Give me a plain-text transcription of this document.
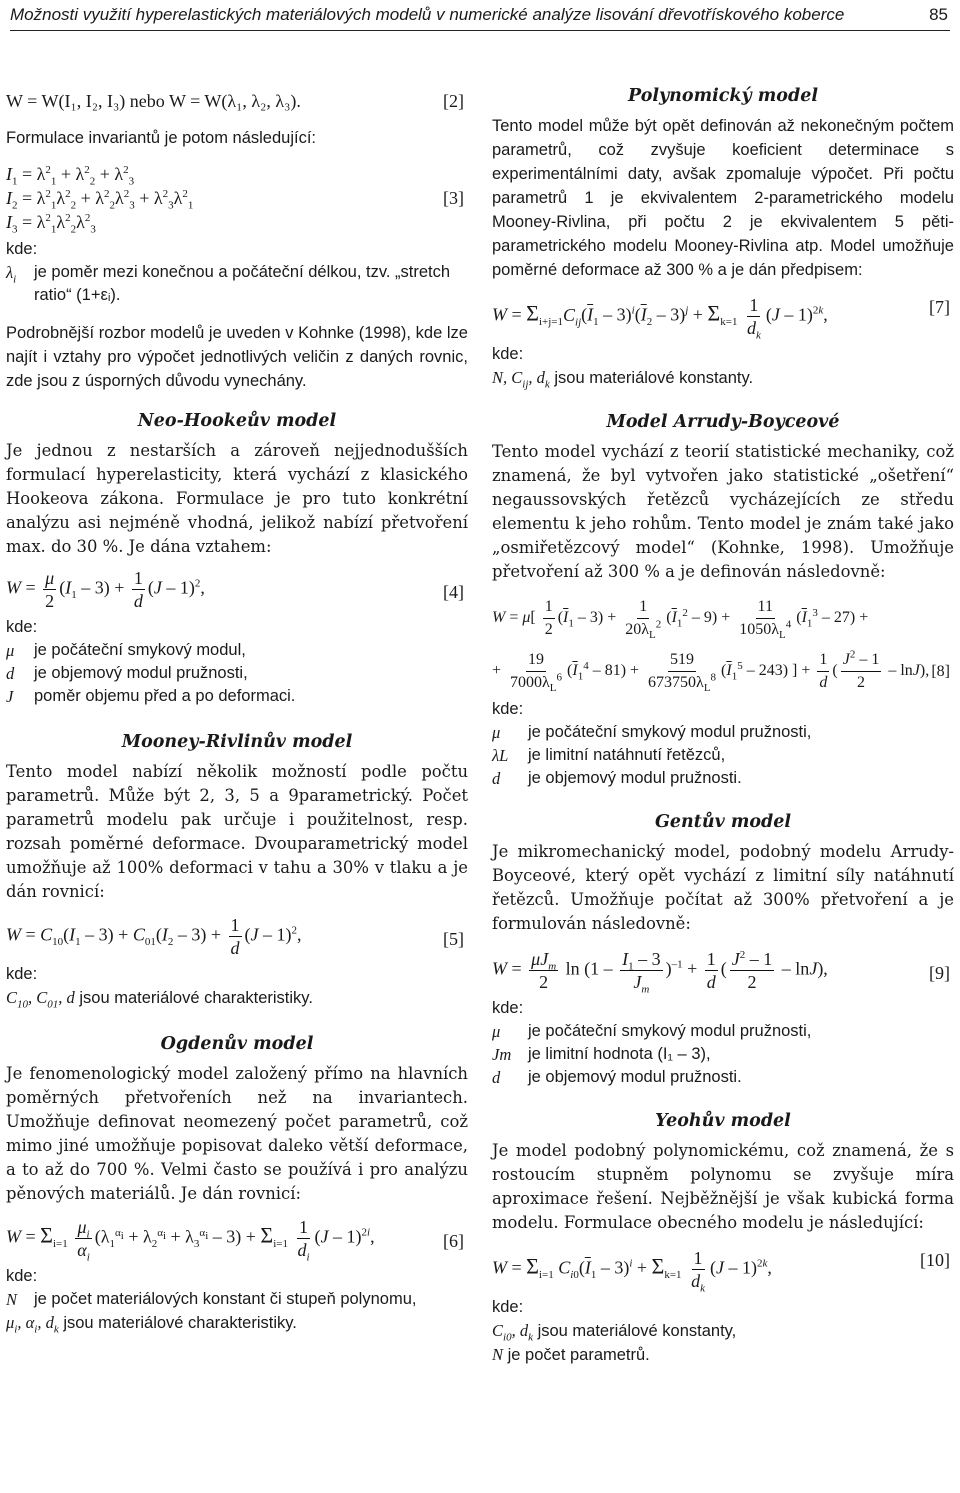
Možnosti využití hyperelastických materiálových modelů v numerické analýze lisování dřevotřískového koberce	85
W = W(I₁, I₂, I₃) nebo W = W(λ₁, λ₂, λ₃).	[2]

Formulace invariantů je potom následující:

$I_1 = \lambda^2_1 + \lambda^2_2 + \lambda^2_3$
$I_2 = \lambda^2_1\lambda^2_2 + \lambda^2_2\lambda^2_3 + \lambda^2_3\lambda^2_1$
$I_3 = \lambda^2_1\lambda^2_2\lambda^2_3$
[3]
kde:
$\lambda_i$	je poměr mezi konečnou a počáteční délkou, tzv. „stretch ratio“ (1+εᵢ).

Podrobnější rozbor modelů je uveden v Kohnke (1998), kde lze najít i vztahy pro výpočet jednotlivých veličin z daných rovnic, zde jsou z úsporných důvodu vynechány.

Neo-Hookeův model

Je jednou z nestarších a zároveň nejjednodušších formulací hyperelasticity, která vychází z klasického Hookeova zákona. Formulace je pro tuto konkrétní analýzu asi nejméně vhodná, jelikož nabízí přetvoření max. do 30 %. Je dána vztahem:

$W = \frac{\mu}{2} (I_1 - 3) + \frac{1}{d} (J - 1)^2$,	[4]
kde:
μ	je počáteční smykový modul,
d	je objemový modul pružnosti,
J	poměr objemu před a po deformaci.
Mooney-Rivlinův model

Tento model nabízí několik možností podle počtu parametrů. Může být 2, 3, 5 a 9parametrický. Počet parametrů modelu pak určuje i použitelnost, resp. rozsah poměrné deformace. Dvouparametrický model umožňuje až 100% deformaci v tahu a 30% v tlaku a je dán rovnicí:

$W = C_{10}(I_1 - 3) + C_{01}(I_2 - 3) + \frac{1}{d} (J - 1)^2$,	[5]
kde:
$C_{10}$, $C_{01}$, d jsou materiálové charakteristiky.
Ogdenův model

Je fenomenologický model založený přímo na hlavních poměrných přetvořeních než na invariantech. Umožňuje definovat neomezený počet parametrů, což mimo jiné umožňuje popisovat daleko větší deformace, a to až do 700 %. Velmi často se používá i pro analýzu pěnových materiálů. Je dán rovnicí:

$W = \Sigma_{i=1} \frac{\mu_i}{\alpha_i} (\lambda_1^{\alpha_i} + \lambda_2^{\alpha_i} + \lambda_3^{\alpha_i} - 3) + \Sigma_{i=1} \frac{1}{d_i} (J - 1)^{2i}$,	[6]
kde:
N	je počet materiálových konstant či stupeň polynomu,
$\mu_i$, $\alpha_i$, $d_k$ jsou materiálové charakteristiky.
Polynomický model

Tento model může být opět definován až nekonečným počtem parametrů, což zvyšuje koeficient determinace s experimentálními daty, avšak zpomaluje výpočet. Při počtu parametrů 1 je ekvivalentem 2-parametrického modelu Mooney-Rivlina, při počtu 2 je ekvivalentem 5 pěti-parametrického modelu Mooney-Rivlina atp. Model umožňuje poměrné deformace až 300 % a je dán předpisem:

$W = \Sigma_{i+j=1}C_{ij}(\overline{I}_1 - 3)^i(\overline{I}_2 - 3)^j + \Sigma_{k=1} \frac{1}{d_k} (J - 1)^{2k}$,	[7]
kde:
N, $C_{ij}$, $d_k$ jsou materiálové konstanty.
Model Arrudy-Boyceové

Tento model vychází z teorií statistické mechaniky, což znamená, že byl vytvořen jako statistické „ošetření“ negaussovských řetězců vycházejících ze středu elementu k jeho rohům. Tento model je znám také jako „osmiřetězcový model“ (Kohnke, 1998). Umožňuje přetvoření až 300 % a je definován následovně:

$W = \mu[ \frac{1}{2} (\overline{I}_1 - 3) + \frac{1}{20\lambda_L^2} (\overline{I}_1^2 - 9) + \frac{11}{1050\lambda_L^4} (\overline{I}_1^3 - 27)$ +
+ $\frac{19}{7000\lambda_L^6} (\overline{I}_1^4 - 81) + \frac{519}{673750\lambda_L^8} (\overline{I}_1^5 - 243)$ ] + $\frac{1}{d}$ ( $\frac{J^2 - 1}{2} - \ln J$), [8]
kde:
μ	je počáteční smykový modul pružnosti,
λL	je limitní natáhnutí řetězců,
d	je objemový modul pružnosti.
Gentův model

Je mikromechanický model, podobný modelu Arrudy-Boyceové, který opět vychází z limitní síly natáhnutí řetězců. Umožňuje počítat až 300% přetvoření a je formulován následovně:

$W = \frac{\mu J_m}{2}$ $\ln (1 - \frac{I_1 - 3}{J_m} )^{-1} + \frac{1}{d}$ ( $\frac{J^2 - 1}{2} - \ln J$),	[9]
kde:
μ	je počáteční smykový modul pružnosti,
Jm	je limitní hodnota (I₁ – 3),
d	je objemový modul pružnosti.
Yeohův model

Je model podobný polynomickému, což znamená, že s rostoucím stupněm polynomu se zvyšuje míra aproximace řešení. Nejběžnější je však kubická forma modelu. Formulace obecného modelu je následující:

$W = \Sigma_{i=1}$ $C_{i0}(\overline{I}_1 - 3)^i + \Sigma_{k=1} \frac{1}{d_k} (J - 1)^{2k}$,	[10]
kde:
$C_{i0}$, $d_k$ jsou materiálové konstanty,
N je počet parametrů.
